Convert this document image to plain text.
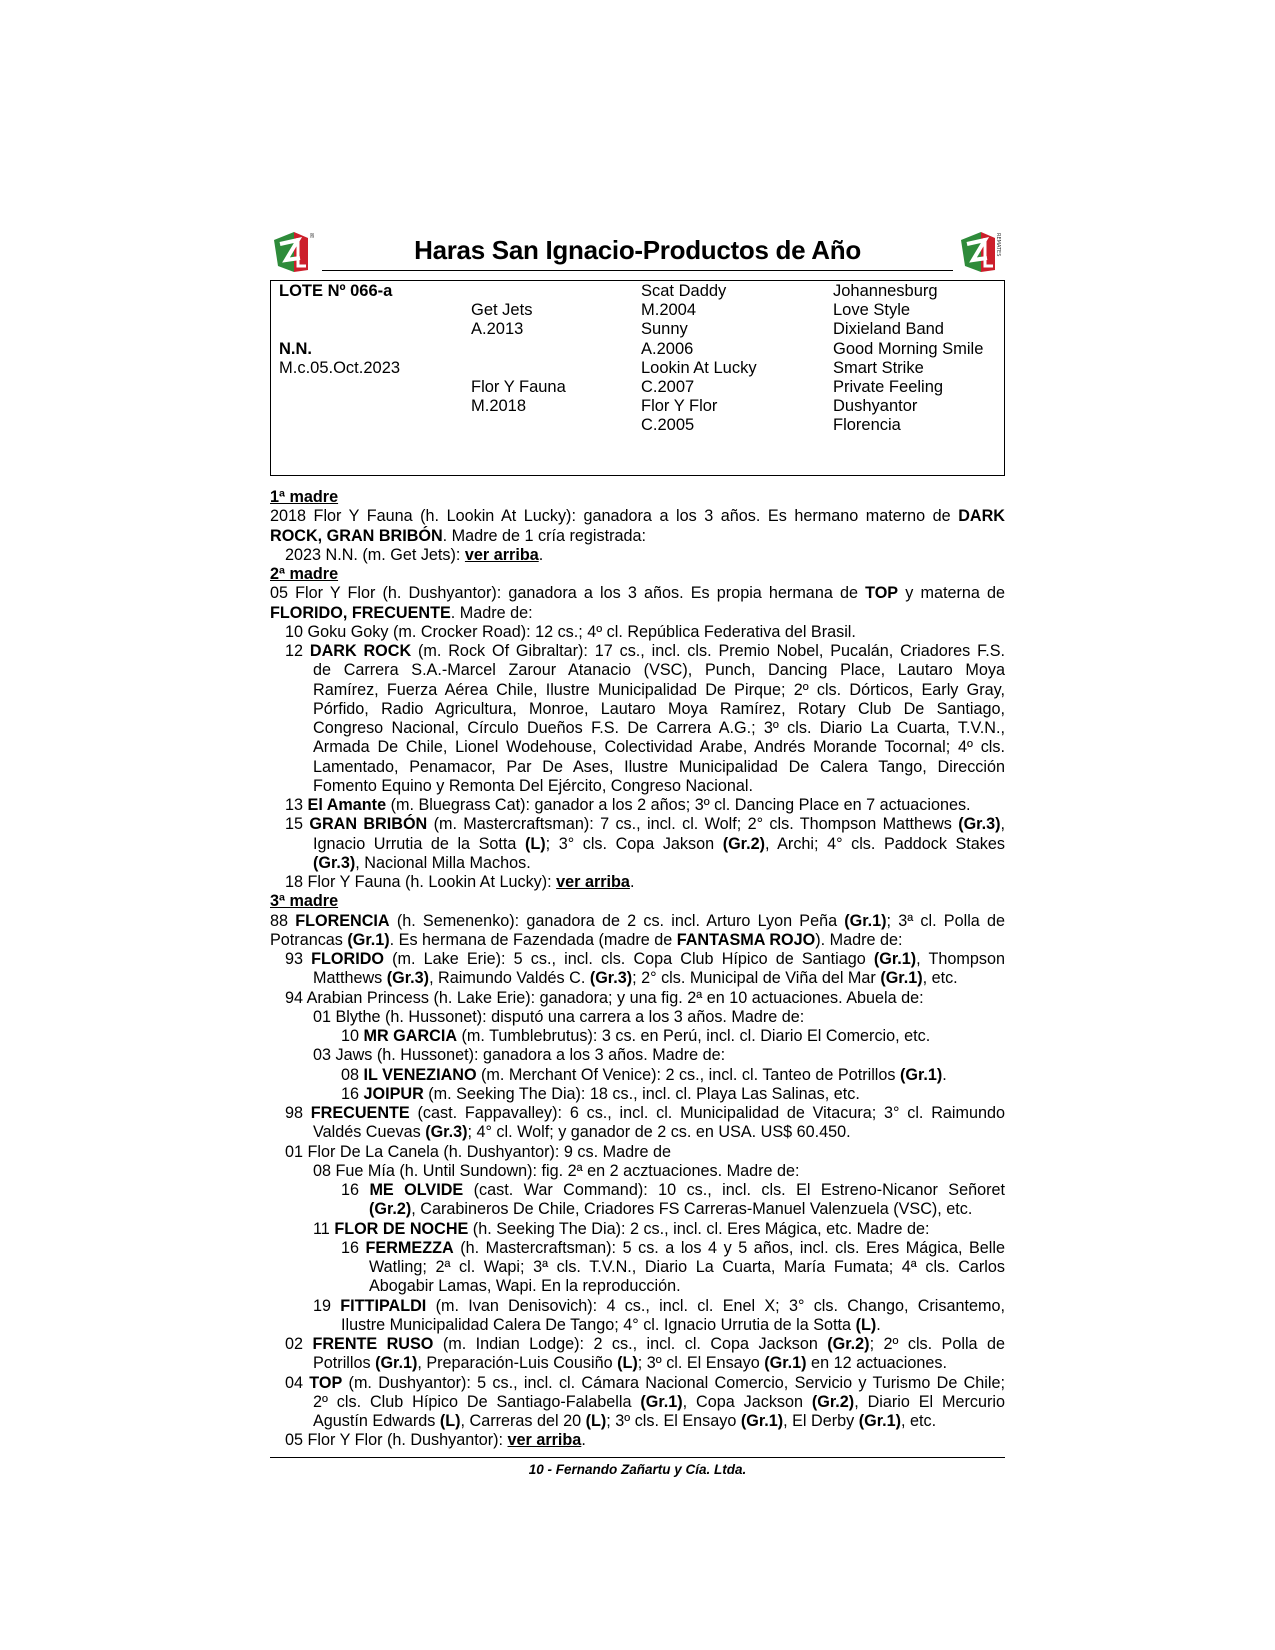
REMATES	Haras San Ignacio-Productos de Año	REMATES
LOTE Nº 066-a
N.N.
M.c.05.Oct.2023
Get Jets
A.2013
Flor Y Fauna
M.2018
Scat Daddy
M.2004
Sunny
A.2006
Lookin At Lucky
C.2007
Flor Y Flor
C.2005
Johannesburg
Love Style
Dixieland Band
Good Morning Smile
Smart Strike
Private Feeling
Dushyantor
Florencia
1ª madre
2018 Flor Y Fauna (h. Lookin At Lucky): ganadora a los 3 años. Es hermano materno de DARK
ROCK, GRAN BRIBÓN. Madre de 1 cría registrada:
2023 N.N. (m. Get Jets): ver arriba.
2ª madre
05 Flor Y Flor (h. Dushyantor): ganadora a los 3 años. Es propia hermana de TOP y materna de
FLORIDO, FRECUENTE. Madre de:
10 Goku Goky (m. Crocker Road): 12 cs.; 4º cl. República Federativa del Brasil.
12 DARK ROCK (m. Rock Of Gibraltar): 17 cs., incl. cls. Premio Nobel, Pucalán, Criadores F.S.
de Carrera S.A.-Marcel Zarour Atanacio (VSC), Punch, Dancing Place, Lautaro Moya
Ramírez, Fuerza Aérea Chile, Ilustre Municipalidad De Pirque; 2º cls. Dórticos, Early Gray,
Pórfido, Radio Agricultura, Monroe, Lautaro Moya Ramírez, Rotary Club De Santiago,
Congreso Nacional, Círculo Dueños F.S. De Carrera A.G.; 3º cls. Diario La Cuarta, T.V.N.,
Armada De Chile, Lionel Wodehouse, Colectividad Arabe, Andrés Morande Tocornal; 4º cls.
Lamentado, Penamacor, Par De Ases, Ilustre Municipalidad De Calera Tango, Dirección
Fomento Equino y Remonta Del Ejército, Congreso Nacional.
13 El Amante (m. Bluegrass Cat): ganador a los 2 años; 3º cl. Dancing Place en 7 actuaciones.
15 GRAN BRIBÓN (m. Mastercraftsman): 7 cs., incl. cl. Wolf; 2° cls. Thompson Matthews (Gr.3),
Ignacio Urrutia de la Sotta (L); 3° cls. Copa Jakson (Gr.2), Archi; 4° cls. Paddock Stakes
(Gr.3), Nacional Milla Machos.
18 Flor Y Fauna (h. Lookin At Lucky): ver arriba.
3ª madre
88 FLORENCIA (h. Semenenko): ganadora de 2 cs. incl. Arturo Lyon Peña (Gr.1); 3ª cl. Polla de
Potrancas (Gr.1). Es hermana de Fazendada (madre de FANTASMA ROJO). Madre de:
93 FLORIDO (m. Lake Erie): 5 cs., incl. cls. Copa Club Hípico de Santiago (Gr.1), Thompson
Matthews (Gr.3), Raimundo Valdés C. (Gr.3); 2° cls. Municipal de Viña del Mar (Gr.1), etc.
94 Arabian Princess (h. Lake Erie): ganadora; y una fig. 2ª en 10 actuaciones. Abuela de:
01 Blythe (h. Hussonet): disputó una carrera a los 3 años. Madre de:
10 MR GARCIA (m. Tumblebrutus): 3 cs. en Perú, incl. cl. Diario El Comercio, etc.
03 Jaws (h. Hussonet): ganadora a los 3 años. Madre de:
08 IL VENEZIANO (m. Merchant Of Venice): 2 cs., incl. cl. Tanteo de Potrillos (Gr.1).
16 JOIPUR (m. Seeking The Dia): 18 cs., incl. cl. Playa Las Salinas, etc.
98 FRECUENTE (cast. Fappavalley): 6 cs., incl. cl. Municipalidad de Vitacura; 3° cl. Raimundo
Valdés Cuevas (Gr.3); 4° cl. Wolf; y ganador de 2 cs. en USA. US$ 60.450.
01 Flor De La Canela (h. Dushyantor): 9 cs. Madre de
08 Fue Mía (h. Until Sundown): fig. 2ª en 2 acztuaciones. Madre de:
16 ME OLVIDE (cast. War Command): 10 cs., incl. cls. El Estreno-Nicanor Señoret
(Gr.2), Carabineros De Chile, Criadores FS Carreras-Manuel Valenzuela (VSC), etc.
11 FLOR DE NOCHE (h. Seeking The Dia): 2 cs., incl. cl. Eres Mágica, etc. Madre de:
16 FERMEZZA (h. Mastercraftsman): 5 cs. a los 4 y 5 años, incl. cls. Eres Mágica, Belle
Watling; 2ª cl. Wapi; 3ª cls. T.V.N., Diario La Cuarta, María Fumata; 4ª cls. Carlos
Abogabir Lamas, Wapi. En la reproducción.
19 FITTIPALDI (m. Ivan Denisovich): 4 cs., incl. cl. Enel X; 3° cls. Chango, Crisantemo,
Ilustre Municipalidad Calera De Tango; 4° cl. Ignacio Urrutia de la Sotta (L).
02 FRENTE RUSO (m. Indian Lodge): 2 cs., incl. cl. Copa Jackson (Gr.2); 2º cls. Polla de
Potrillos (Gr.1), Preparación-Luis Cousiño (L); 3º cl. El Ensayo (Gr.1) en 12 actuaciones.
04 TOP (m. Dushyantor): 5 cs., incl. cl. Cámara Nacional Comercio, Servicio y Turismo De Chile;
2º cls. Club Hípico De Santiago-Falabella (Gr.1), Copa Jackson (Gr.2), Diario El Mercurio
Agustín Edwards (L), Carreras del 20 (L); 3º cls. El Ensayo (Gr.1), El Derby (Gr.1), etc.
05 Flor Y Flor (h. Dushyantor): ver arriba.
10 - Fernando Zañartu y Cía. Ltda.
